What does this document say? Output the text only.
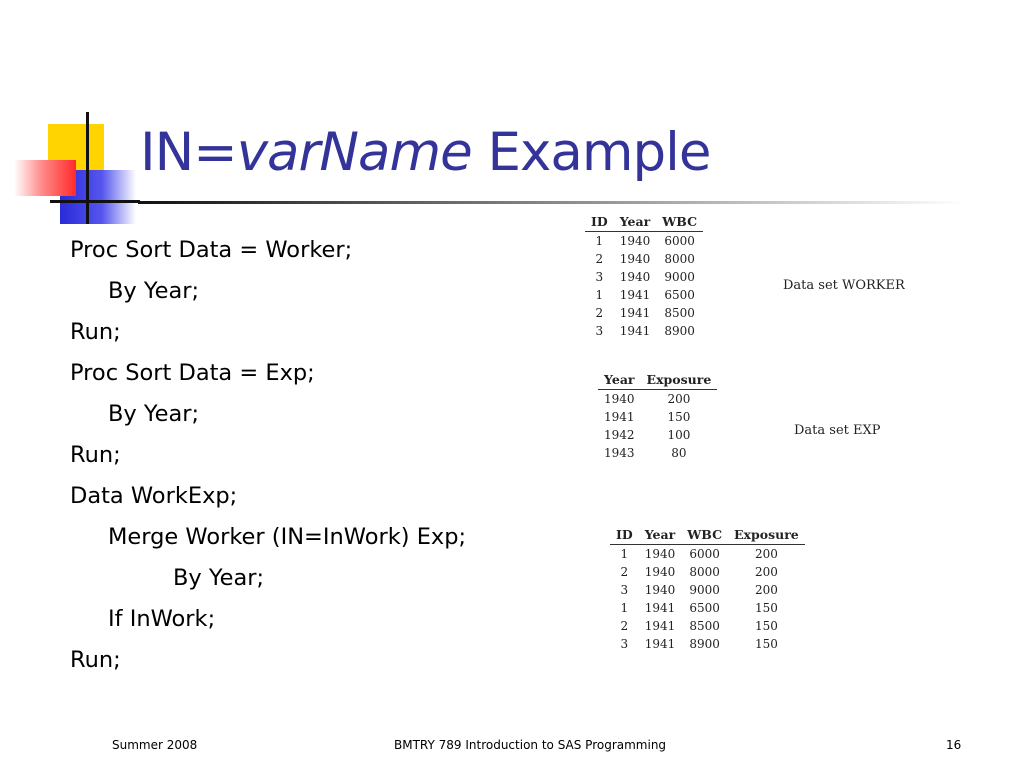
IN=varName Example
Proc Sort Data = Worker;
By Year;
Run;
Proc Sort Data = Exp;
By Year;
Run;
Data WorkExp;
Merge Worker (IN=InWork) Exp;
By Year;
If InWork;
Run;
ID	Year	WBC
1	1940	6000
2	1940	8000
3	1940	9000
1	1941	6500
2	1941	8500
3	1941	8900
Data set WORKER
Year	Exposure
1940	200
1941	150
1942	100
1943	80
Data set EXP
ID	Year	WBC	Exposure
1	1940	6000	200
2	1940	8000	200
3	1940	9000	200
1	1941	6500	150
2	1941	8500	150
3	1941	8900	150
Summer 2008	BMTRY 789 Introduction to SAS Programming	16
